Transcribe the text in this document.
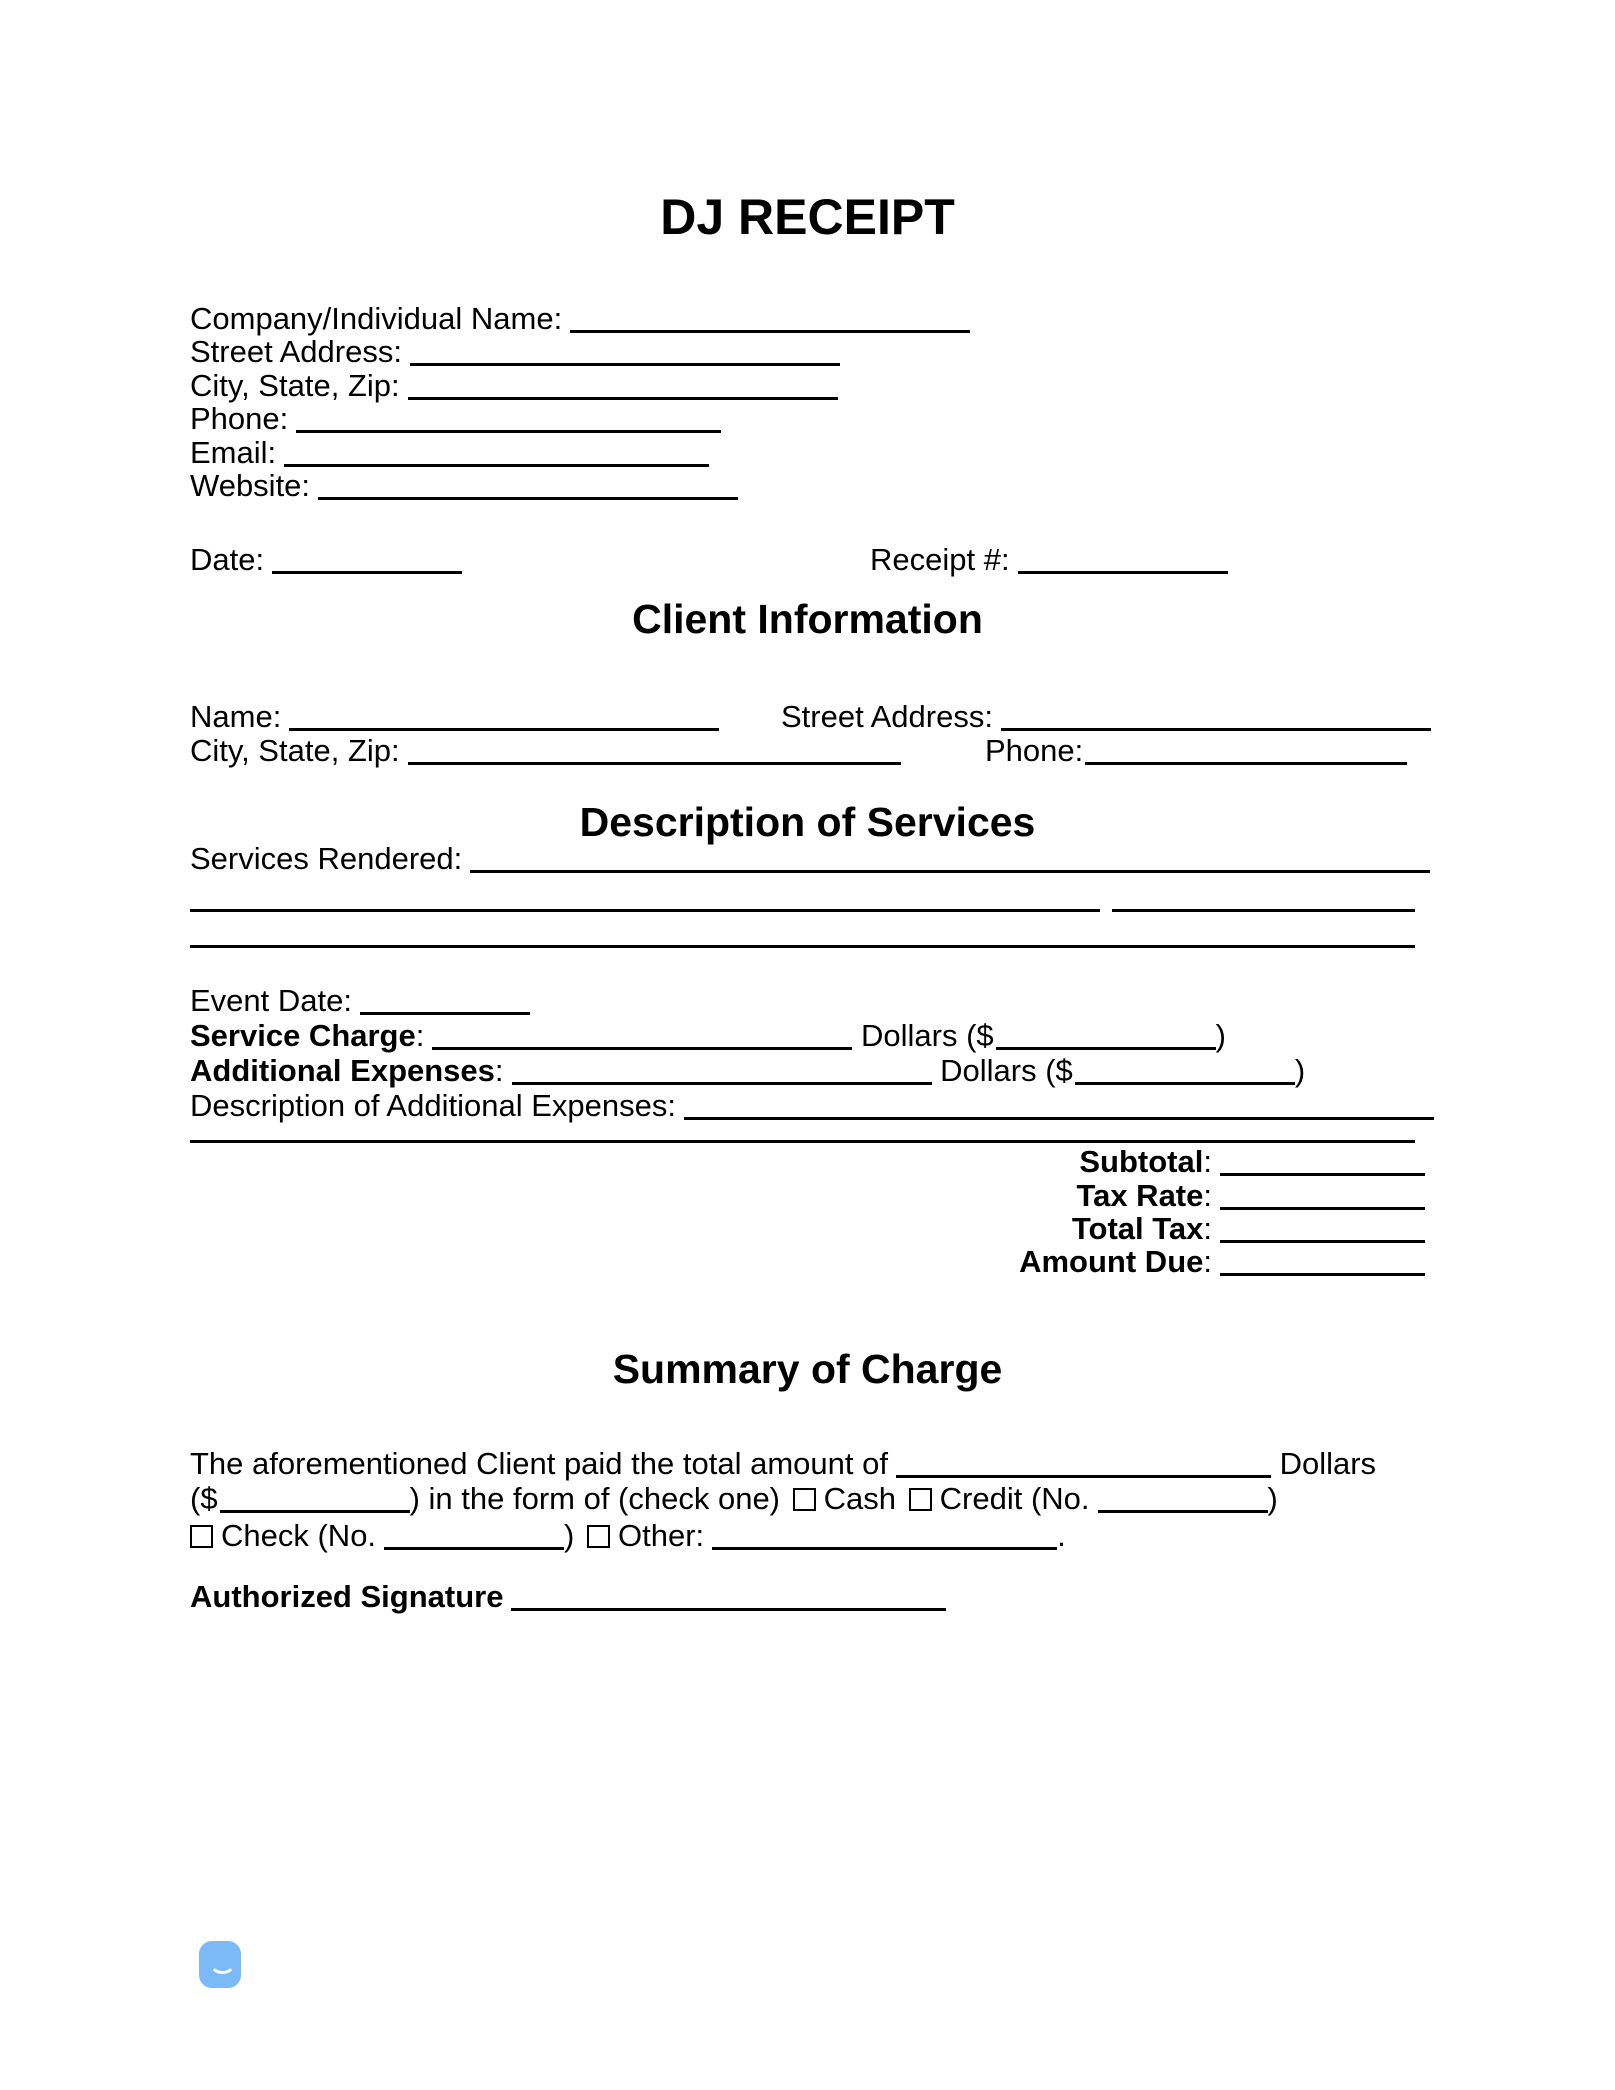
DJ RECEIPT
Company/Individual Name:
Street Address:
City, State, Zip:
Phone:
Email:
Website:
Date:	Receipt #:
Client Information
Name:	Street Address:
City, State, Zip:	Phone:
Description of Services
Services Rendered:
Event Date:
Service Charge:	Dollars ($	)
Additional Expenses:	Dollars ($	)
Description of Additional Expenses:
Subtotal:
Tax Rate:
Total Tax:
Amount Due:
Summary of Charge
The aforementioned Client paid the total amount of	Dollars
($	) in the form of (check one) Cash Credit (No.	)
Check (No.	) Other:	.
Authorized Signature
